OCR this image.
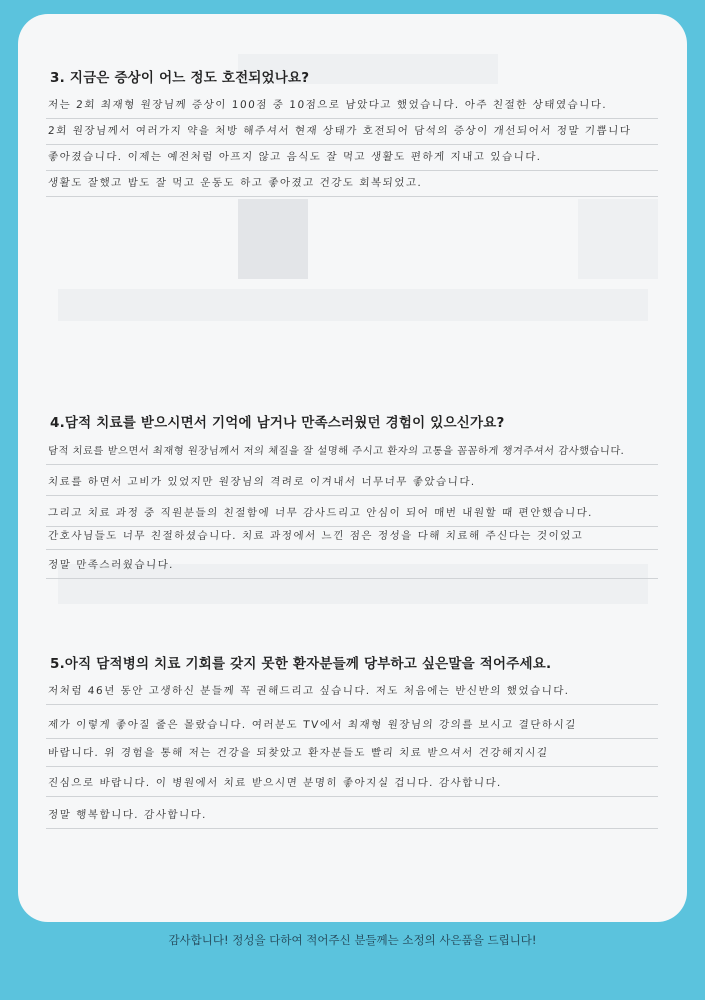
3. 지금은 증상이 어느 정도 호전되었나요?
저는 2회 최재형 원장님께 증상이 100점 중 10점으로 남았다고 했었습니다. 아주 친절한 상태였습니다.
2회 원장님께서 여러가지 약을 처방 해주셔서 현재 상태가 호전되어 담석의 증상이 개선되어서 정말 기쁩니다
좋아졌습니다. 이제는 예전처럼 아프지 않고 음식도 잘 먹고 생활도 편하게 지내고 있습니다.
생활도 잘했고 밥도 잘 먹고 운동도 하고 좋아졌고 건강도 회복되었고.
4.담적 치료를 받으시면서 기억에 남거나 만족스러웠던 경험이 있으신가요?
담적 치료를 받으면서 최재형 원장님께서 저의 체질을 잘 설명해 주시고 환자의 고통을 꼼꼼하게 챙겨주셔서 감사했습니다.
치료를 하면서 고비가 있었지만 원장님의 격려로 이겨내서 너무너무 좋았습니다.
그리고 치료 과정 중 직원분들의 친절함에 너무 감사드리고 안심이 되어 매번 내원할 때 편안했습니다.
간호사님들도 너무 친절하셨습니다. 치료 과정에서 느낀 점은 정성을 다해 치료해 주신다는 것이었고
정말 만족스러웠습니다.
5.아직 담적병의 치료 기회를 갖지 못한 환자분들께 당부하고 싶은말을 적어주세요.
저처럼 46년 동안 고생하신 분들께 꼭 권해드리고 싶습니다. 저도 처음에는 반신반의 했었습니다.
제가 이렇게 좋아질 줄은 몰랐습니다. 여러분도 TV에서 최재형 원장님의 강의를 보시고 결단하시길
바랍니다. 위 경험을 통해 저는 건강을 되찾았고 환자분들도 빨리 치료 받으셔서 건강해지시길
진심으로 바랍니다. 이 병원에서 치료 받으시면 분명히 좋아지실 겁니다. 감사합니다.
정말 행복합니다. 감사합니다.
감사합니다! 정성을 다하여 적어주신 분들께는 소정의 사은품을 드립니다!
